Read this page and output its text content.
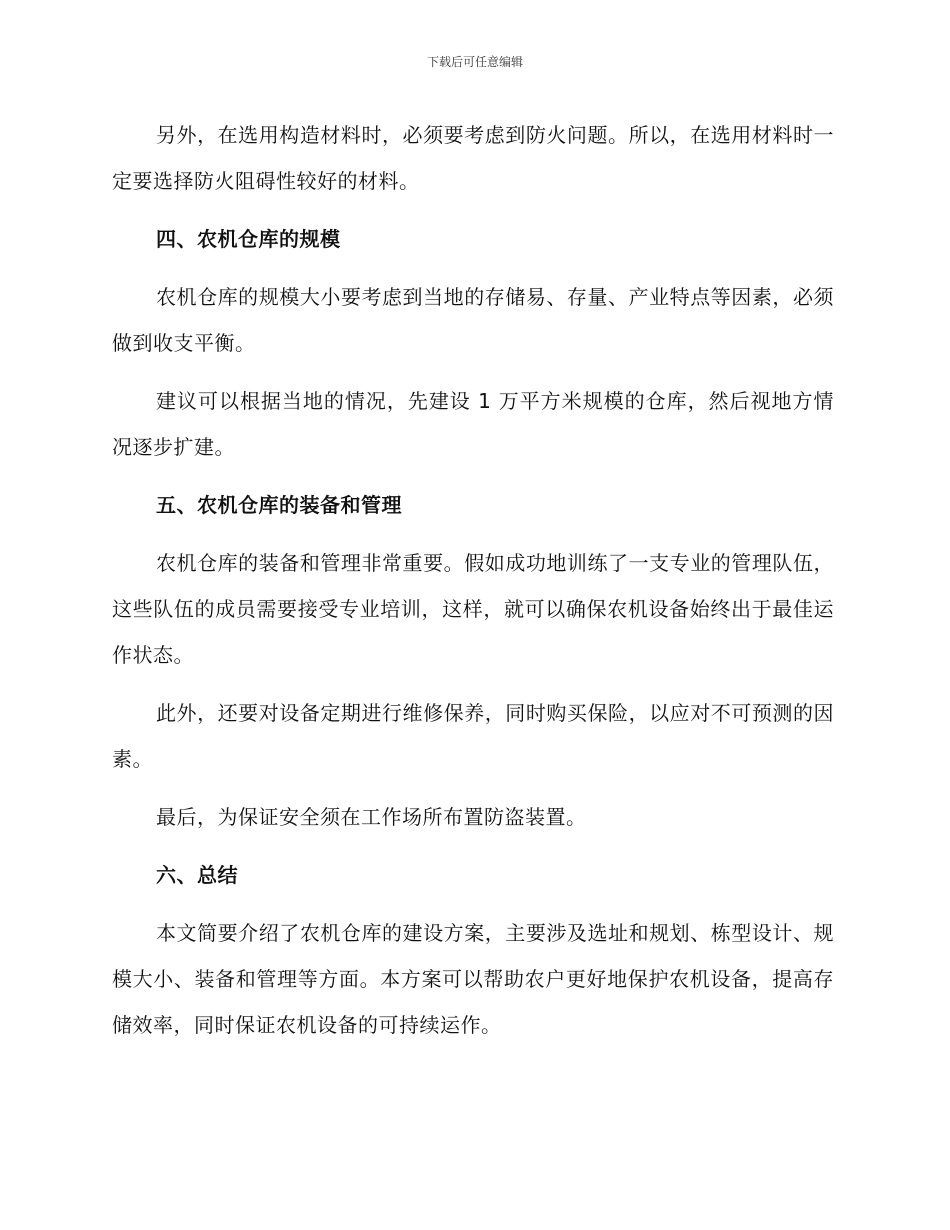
下载后可任意编辑

另外，在选用构造材料时，必须要考虑到防火问题。所以，在选用材料时一定要选择防火阻碍性较好的材料。

四、农机仓库的规模

农机仓库的规模大小要考虑到当地的存储易、存量、产业特点等因素，必须做到收支平衡。

建议可以根据当地的情况，先建设 1 万平方米规模的仓库，然后视地方情况逐步扩建。

五、农机仓库的装备和管理

农机仓库的装备和管理非常重要。假如成功地训练了一支专业的管理队伍，这些队伍的成员需要接受专业培训，这样，就可以确保农机设备始终出于最佳运作状态。

此外，还要对设备定期进行维修保养，同时购买保险，以应对不可预测的因素。

最后，为保证安全须在工作场所布置防盗装置。

六、总结

本文简要介绍了农机仓库的建设方案，主要涉及选址和规划、栋型设计、规模大小、装备和管理等方面。本方案可以帮助农户更好地保护农机设备，提高存储效率，同时保证农机设备的可持续运作。
